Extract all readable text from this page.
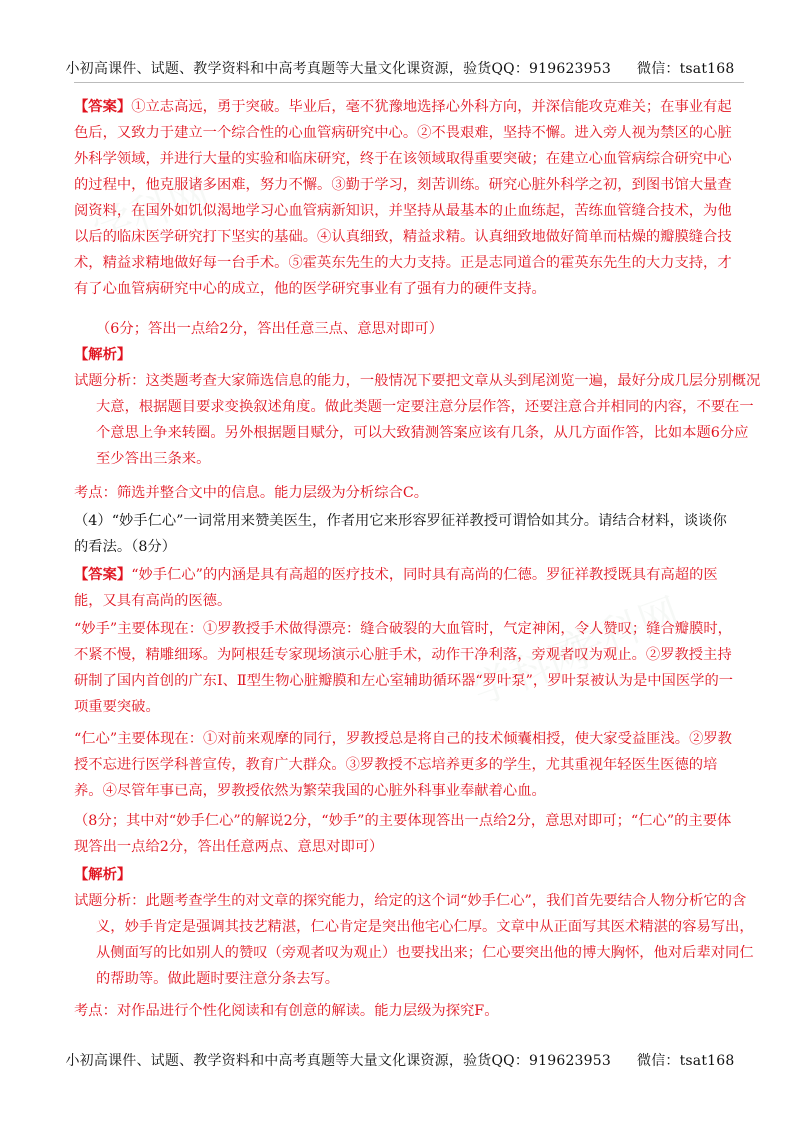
学科网
学科网
学科网
小初高课件、试题、教学资料和中高考真题等大量文化课资源，验货QQ：919623953 微信：tsat168

【答案】①立志高远，勇于突破。毕业后，毫不犹豫地选择心外科方向，并深信能攻克难关；在事业有起色后，又致力于建立一个综合性的心血管病研究中心。②不畏艰难，坚持不懈。进入旁人视为禁区的心脏外科学领域，并进行大量的实验和临床研究，终于在该领域取得重要突破；在建立心血管病综合研究中心的过程中，他克服诸多困难，努力不懈。③勤于学习，刻苦训练。研究心脏外科学之初，到图书馆大量查阅资料，在国外如饥似渴地学习心血管病新知识，并坚持从最基本的止血练起，苦练血管缝合技术，为他以后的临床医学研究打下坚实的基础。④认真细致，精益求精。认真细致地做好简单而枯燥的瓣膜缝合技术，精益求精地做好每一台手术。⑤霍英东先生的大力支持。正是志同道合的霍英东先生的大力支持，才有了心血管病研究中心的成立，他的医学研究事业有了强有力的硬件支持。

（6分；答出一点给2分，答出任意三点、意思对即可）

【解析】

试题分析：这类题考查大家筛选信息的能力，一般情况下要把文章从头到尾浏览一遍，最好分成几层分别概况大意，根据题目要求变换叙述角度。做此类题一定要注意分层作答，还要注意合并相同的内容，不要在一个意思上争来转圈。另外根据题目赋分，可以大致猜测答案应该有几条，从几方面作答，比如本题6分应至少答出三条来。

考点：筛选并整合文中的信息。能力层级为分析综合C。

（4）“妙手仁心”一词常用来赞美医生，作者用它来形容罗征祥教授可谓恰如其分。请结合材料，谈谈你的看法。（8分）

【答案】“妙手仁心”的内涵是具有高超的医疗技术，同时具有高尚的仁德。罗征祥教授既具有高超的医能，又具有高尚的医德。

“妙手”主要体现在：①罗教授手术做得漂亮：缝合破裂的大血管时，气定神闲，令人赞叹；缝合瓣膜时，不紧不慢，精雕细琢。为阿根廷专家现场演示心脏手术，动作干净利落，旁观者叹为观止。②罗教授主持研制了国内首创的广东Ⅰ、Ⅱ型生物心脏瓣膜和左心室辅助循环器“罗叶泵”，罗叶泵被认为是中国医学的一项重要突破。

“仁心”主要体现在：①对前来观摩的同行，罗教授总是将自己的技术倾囊相授，使大家受益匪浅。②罗教授不忘进行医学科普宣传，教育广大群众。③罗教授不忘培养更多的学生，尤其重视年轻医生医德的培养。④尽管年事已高，罗教授依然为繁荣我国的心脏外科事业奉献着心血。

（8分；其中对“妙手仁心”的解说2分，“妙手”的主要体现答出一点给2分，意思对即可；“仁心”的主要体现答出一点给2分，答出任意两点、意思对即可）

【解析】

试题分析：此题考查学生的对文章的探究能力，给定的这个词“妙手仁心”，我们首先要结合人物分析它的含义，妙手肯定是强调其技艺精湛，仁心肯定是突出他宅心仁厚。文章中从正面写其医术精湛的容易写出，从侧面写的比如别人的赞叹（旁观者叹为观止）也要找出来；仁心要突出他的博大胸怀，他对后辈对同仁的帮助等。做此题时要注意分条去写。

考点：对作品进行个性化阅读和有创意的解读。能力层级为探究F。

小初高课件、试题、教学资料和中高考真题等大量文化课资源，验货QQ：919623953 微信：tsat168
